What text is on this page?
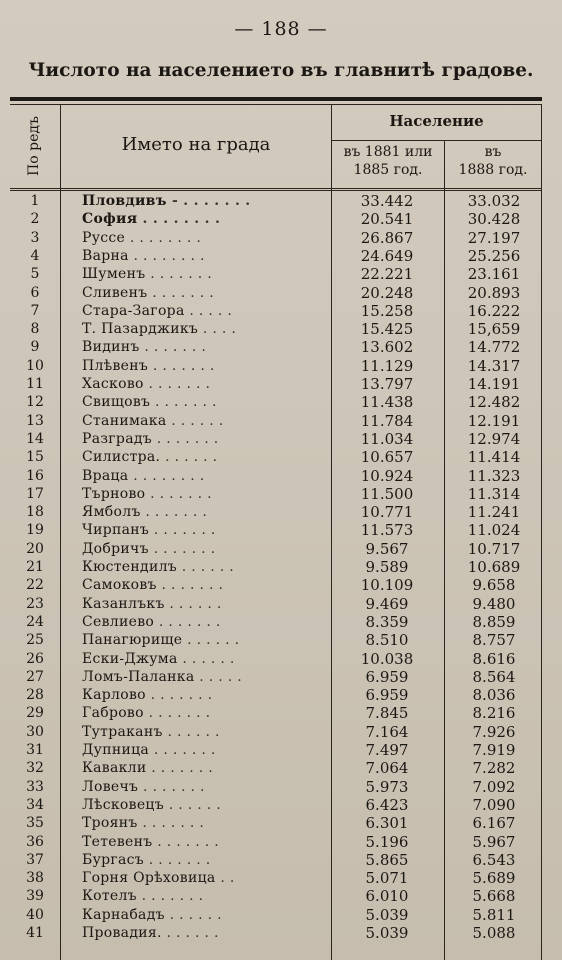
— 188 —
Числото на населението въ главнитѣ градове.
По редъ	Името на града
Население
въ 1881 или
1885 год.
въ
1888 год.
1	Пловдивъ - . . . . . . .	33.442	33.032
2	София . . . . . . . .	20.541	30.428
3	Руссе . . . . . . . .	26.867	27.197
4	Варна . . . . . . . .	24.649	25.256
5	Шуменъ . . . . . . .	22.221	23.161
6	Сливенъ . . . . . . .	20.248	20.893
7	Стара-Загора . . . . .	15.258	16.222
8	Т. Пазарджикъ . . . .	15.425	15,659
9	Видинъ . . . . . . .	13.602	14.772
10	Плѣвенъ . . . . . . .	11.129	14.317
11	Хасково . . . . . . .	13.797	14.191
12	Свищовъ . . . . . . .	11.438	12.482
13	Станимака . . . . . .	11.784	12.191
14	Разградъ . . . . . . .	11.034	12.974
15	Силистра. . . . . . .	10.657	11.414
16	Враца . . . . . . . .	10.924	11.323
17	Търново . . . . . . .	11.500	11.314
18	Ямболъ . . . . . . .	10.771	11.241
19	Чирпанъ . . . . . . .	11.573	11.024
20	Добричъ . . . . . . .	9.567	10.717
21	Кюстендилъ . . . . . .	9.589	10.689
22	Самоковъ . . . . . . .	10.109	9.658
23	Казанлъкъ . . . . . .	9.469	9.480
24	Севлиево . . . . . . .	8.359	8.859
25	Панагюрище . . . . . .	8.510	8.757
26	Ески-Джума . . . . . .	10.038	8.616
27	Ломъ-Паланка . . . . .	6.959	8.564
28	Карлово . . . . . . .	6.959	8.036
29	Габрово . . . . . . .	7.845	8.216
30	Тутраканъ . . . . . .	7.164	7.926
31	Дупница . . . . . . .	7.497	7.919
32	Кавакли . . . . . . .	7.064	7.282
33	Ловечъ . . . . . . .	5.973	7.092
34	Лѣсковецъ . . . . . .	6.423	7.090
35	Троянъ . . . . . . .	6.301	6.167
36	Тетевенъ . . . . . . .	5.196	5.967
37	Бургасъ . . . . . . .	5.865	6.543
38	Горня Орѣховица . .	5.071	5.689
39	Котелъ . . . . . . .	6.010	5.668
40	Карнабадъ . . . . . .	5.039	5.811
41	Провадия. . . . . . .	5.039	5.088
